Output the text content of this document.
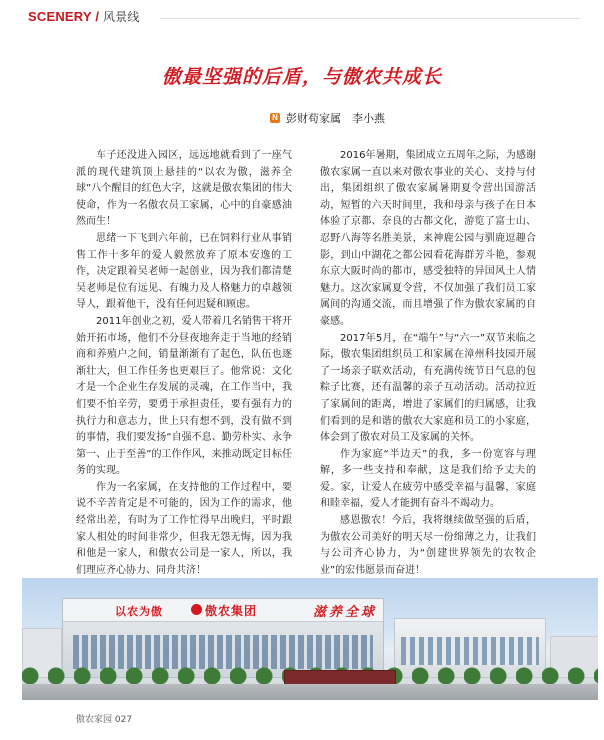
SCENERY / 风景线
傲最坚强的后盾，与傲农共成长
N 彭财苟家属　李小燕

车子还没进入园区，远远地就看到了一座气派的现代建筑顶上悬挂的“以农为傲，滋养全球”八个醒目的红色大字，这就是傲农集团的伟大使命，作为一名傲农员工家属，心中的自豪感油然而生！

思绪一下飞到六年前，已在饲料行业从事销售工作十多年的爱人毅然放弃了原本安逸的工作，决定跟着吴老师一起创业，因为我们都清楚吴老师是位有远见、有魄力及人格魅力的卓越领导人，跟着他干，没有任何迟疑和顾虑。

2011年创业之初，爱人带着几名销售干将开始开拓市场，他们不分昼夜地奔走于当地的经销商和养殖户之间，销量渐渐有了起色，队伍也逐渐壮大，但工作任务也更艰巨了。他常说：文化才是一个企业生存发展的灵魂，在工作当中，我们要不怕辛劳，要勇于承担责任，要有强有力的执行力和意志力，世上只有想不到，没有做不到的事情，我们要发扬“自强不息、勤劳朴实、永争第一、止于至善”的工作作风，来推动既定目标任务的实现。

作为一名家属，在支持他的工作过程中，要说不辛苦肯定是不可能的，因为工作的需求，他经常出差，有时为了工作忙得早出晚归，平时跟家人相处的时间非常少，但我无怨无悔，因为我和他是一家人，和傲农公司是一家人，所以，我们理应齐心协力、同舟共济！

2016年暑期，集团成立五周年之际，为感谢傲农家属一直以来对傲农事业的关心、支持与付出，集团组织了傲农家属暑期夏令营出国游活动，短暂的六天时间里，我和母亲与孩子在日本体验了京都、奈良的古都文化，游览了富士山、忍野八海等名胜美景，来神鹿公园与驯鹿逗趣合影，到山中湖花之都公园看花海群芳斗艳，参观东京大阪时尚的都市，感受独特的异国风土人情魅力。这次家属夏令营，不仅加强了我们员工家属间的沟通交流，而且增强了作为傲农家属的自豪感。

2017年5月，在“端午”与“六一”双节来临之际，傲农集团组织员工和家属在漳州科技园开展了一场亲子联欢活动，有充满传统节日气息的包粽子比赛，还有温馨的亲子互动活动。活动拉近了家属间的距离，增进了家属们的归属感，让我们看到的是和谐的傲农大家庭和员工的小家庭，体会到了傲农对员工及家属的关怀。

作为家庭“半边天”的我，多一份宽容与理解，多一些支持和奉献，这是我们给予丈夫的爱。家，让爱人在疲劳中感受幸福与温馨，家庭和睦幸福，爱人才能拥有奋斗不竭动力。

感恩傲农！今后，我将继续做坚强的后盾，为傲农公司美好的明天尽一份绵薄之力，让我们与公司齐心协力，为“创建世界领先的农牧企业”的宏伟愿景而奋进！

以农为傲	傲农集团	滋养全球
傲农家园 027
